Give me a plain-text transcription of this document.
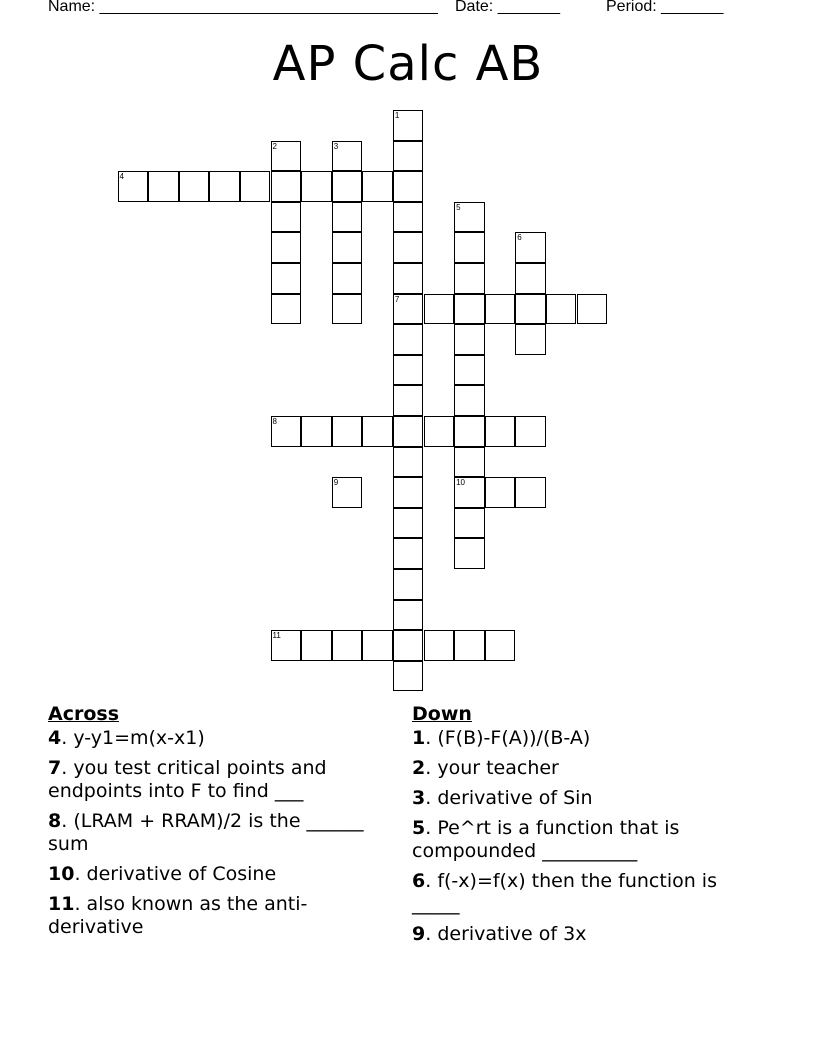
Name: ______________________________________ Date: _______	Period: _______
AP Calc AB
1
7
2	3
4
5
10
6
8
9
11
Across
4. y-y1=m(x-x1)
7. you test critical points and endpoints into F to find ___
8. (LRAM + RRAM)/2 is the ______ sum
10. derivative of Cosine
11. also known as the anti-derivative
Down
1. (F(B)-F(A))/(B-A)
2. your teacher
3. derivative of Sin
5. Pe^rt is a function that is compounded __________
6. f(-x)=f(x) then the function is _____
9. derivative of 3x
